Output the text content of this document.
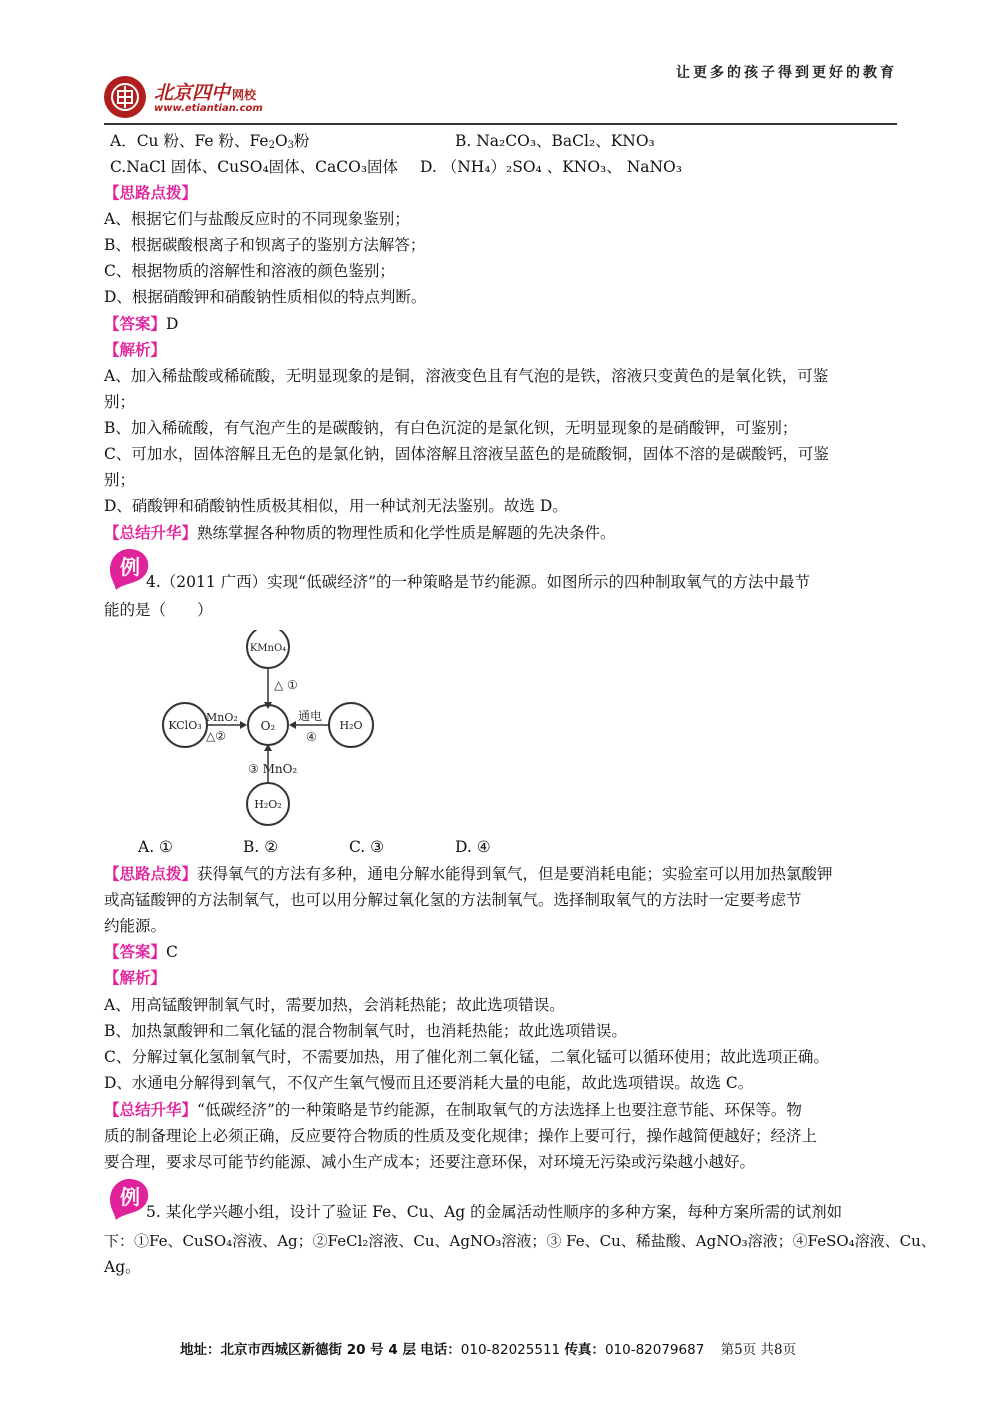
让更多的孩子得到更好的教育
北京四中 网校
www.etiantian.com
A．Cu 粉、Fe 粉、$Fe_2O_3$粉	B. Na₂CO₃、BaCl₂、KNO₃
C.NaCl 固体、CuSO₄固体、CaCO₃固体 D. （NH₄）₂SO₄ 、KNO₃、 NaNO₃
【思路点拨】
A、根据它们与盐酸反应时的不同现象鉴别；
B、根据碳酸根离子和钡离子的鉴别方法解答；
C、根据物质的溶解性和溶液的颜色鉴别；
D、根据硝酸钾和硝酸钠性质相似的特点判断。
【答案】D
【解析】
A、加入稀盐酸或稀硫酸，无明显现象的是铜，溶液变色且有气泡的是铁，溶液只变黄色的是氧化铁，可鉴
别；
B、加入稀硫酸，有气泡产生的是碳酸钠，有白色沉淀的是氯化钡，无明显现象的是硝酸钾，可鉴别；
C、可加水，固体溶解且无色的是氯化钠，固体溶解且溶液呈蓝色的是硫酸铜，固体不溶的是碳酸钙，可鉴
别；
D、硝酸钾和硝酸钠性质极其相似，用一种试剂无法鉴别。故选 D。
【总结升华】熟练掌握各种物质的物理性质和化学性质是解题的先决条件。
例
4.（2011 广西）实现“低碳经济”的一种策略是节约能源。如图所示的四种制取氧气的方法中最节
能的是（　　）
KMnO₄
△ ①
KClO₃
MnO₂
△②
O₂	H₂O
通电
④
H₂O₂
③ MnO₂
A. ①	B. ②	C. ③	D. ④
【思路点拨】获得氧气的方法有多种，通电分解水能得到氧气，但是要消耗电能；实验室可以用加热氯酸钾
或高锰酸钾的方法制氧气，也可以用分解过氧化氢的方法制氧气。选择制取氧气的方法时一定要考虑节
约能源。
【答案】C
【解析】
A、用高锰酸钾制氧气时，需要加热，会消耗热能；故此选项错误。
B、加热氯酸钾和二氧化锰的混合物制氧气时，也消耗热能；故此选项错误。
C、分解过氧化氢制氧气时，不需要加热，用了催化剂二氧化锰，二氧化锰可以循环使用；故此选项正确。
D、水通电分解得到氧气，不仅产生氧气慢而且还要消耗大量的电能，故此选项错误。故选 C。
【总结升华】“低碳经济”的一种策略是节约能源，在制取氧气的方法选择上也要注意节能、环保等。物
质的制备理论上必须正确，反应要符合物质的性质及变化规律；操作上要可行，操作越简便越好；经济上
要合理，要求尽可能节约能源、减小生产成本；还要注意环保，对环境无污染或污染越小越好。
例
5. 某化学兴趣小组，设计了验证 Fe、Cu、Ag 的金属活动性顺序的多种方案，每种方案所需的试剂如
下：①Fe、CuSO₄溶液、Ag；②FeCl₂溶液、Cu、AgNO₃溶液；③ Fe、Cu、稀盐酸、AgNO₃溶液；④FeSO₄溶液、Cu、
Ag。
地址：北京市西城区新德街 20 号 4 层 电话：010-82025511 传真：010-82079687 第5页 共8页
